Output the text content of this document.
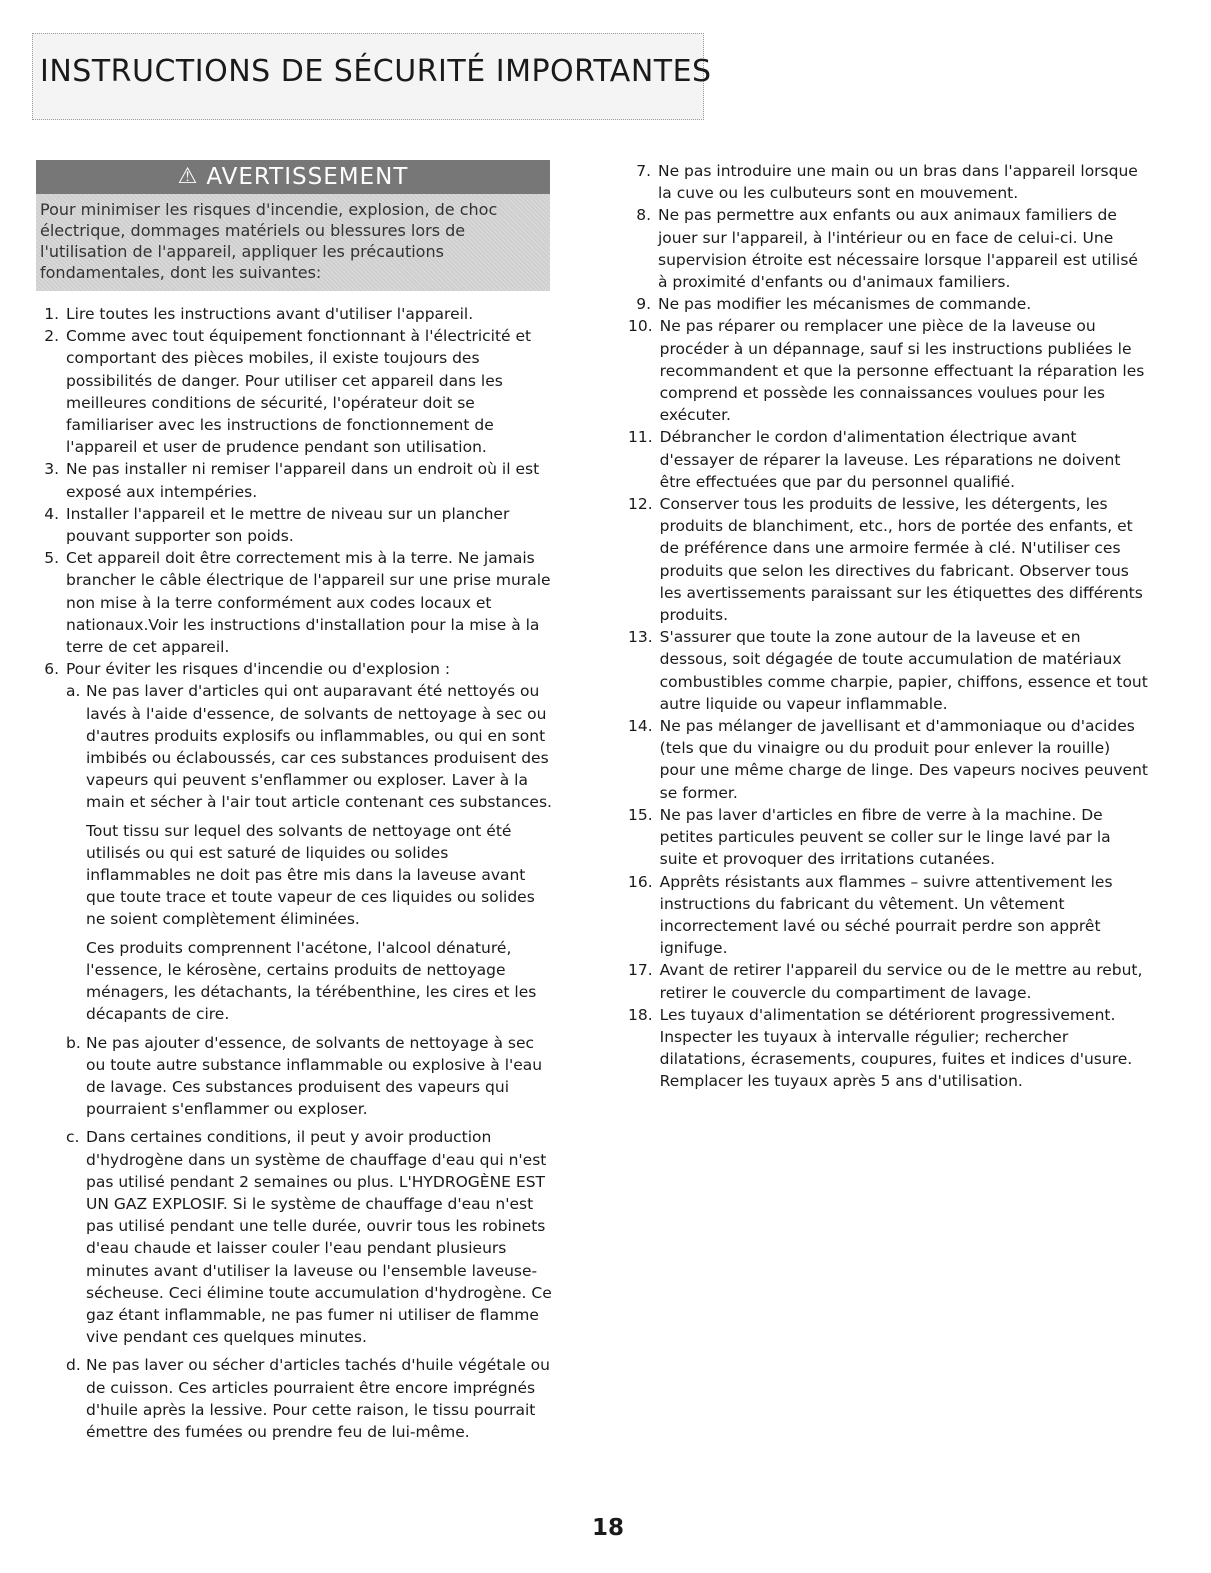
INSTRUCTIONS DE SÉCURITÉ IMPORTANTES
⚠ AVERTISSEMENT
Pour minimiser les risques d'incendie, explosion, de choc électrique, dommages matériels ou blessures lors de l'utilisation de l'appareil, appliquer les précautions fondamentales, dont les suivantes:
1. Lire toutes les instructions avant d'utiliser l'appareil.
2. Comme avec tout équipement fonctionnant à l'électricité et comportant des pièces mobiles, il existe toujours des possibilités de danger. Pour utiliser cet appareil dans les meilleures conditions de sécurité, l'opérateur doit se familiariser avec les instructions de fonctionnement de l'appareil et user de prudence pendant son utilisation.
3. Ne pas installer ni remiser l'appareil dans un endroit où il est exposé aux intempéries.
4. Installer l'appareil et le mettre de niveau sur un plancher pouvant supporter son poids.
5. Cet appareil doit être correctement mis à la terre. Ne jamais brancher le câble électrique de l'appareil sur une prise murale non mise à la terre conformément aux codes locaux et nationaux.Voir les instructions d'installation pour la mise à la terre de cet appareil.
6. Pour éviter les risques d'incendie ou d'explosion :
a. Ne pas laver d'articles qui ont auparavant été nettoyés ou lavés à l'aide d'essence, de solvants de nettoyage à sec ou d'autres produits explosifs ou inflammables, ou qui en sont imbibés ou éclaboussés, car ces substances produisent des vapeurs qui peuvent s'enflammer ou exploser. Laver à la main et sécher à l'air tout article contenant ces substances.
Tout tissu sur lequel des solvants de nettoyage ont été utilisés ou qui est saturé de liquides ou solides inflammables ne doit pas être mis dans la laveuse avant que toute trace et toute vapeur de ces liquides ou solides ne soient complètement éliminées.
Ces produits comprennent l'acétone, l'alcool dénaturé, l'essence, le kérosène, certains produits de nettoyage ménagers, les détachants, la térébenthine, les cires et les décapants de cire.
b. Ne pas ajouter d'essence, de solvants de nettoyage à sec ou toute autre substance inflammable ou explosive à l'eau de lavage. Ces substances produisent des vapeurs qui pourraient s'enflammer ou exploser.
c. Dans certaines conditions, il peut y avoir production d'hydrogène dans un système de chauffage d'eau qui n'est pas utilisé pendant 2 semaines ou plus. L'HYDROGÈNE EST UN GAZ EXPLOSIF. Si le système de chauffage d'eau n'est pas utilisé pendant une telle durée, ouvrir tous les robinets d'eau chaude et laisser couler l'eau pendant plusieurs minutes avant d'utiliser la laveuse ou l'ensemble laveuse-sécheuse. Ceci élimine toute accumulation d'hydrogène. Ce gaz étant inflammable, ne pas fumer ni utiliser de flamme vive pendant ces quelques minutes.
d. Ne pas laver ou sécher d'articles tachés d'huile végétale ou de cuisson. Ces articles pourraient être encore imprégnés d'huile après la lessive. Pour cette raison, le tissu pourrait émettre des fumées ou prendre feu de lui-même.
7. Ne pas introduire une main ou un bras dans l'appareil lorsque la cuve ou les culbuteurs sont en mouvement.
8. Ne pas permettre aux enfants ou aux animaux familiers de jouer sur l'appareil, à l'intérieur ou en face de celui-ci. Une supervision étroite est nécessaire lorsque l'appareil est utilisé à proximité d'enfants ou d'animaux familiers.
9. Ne pas modifier les mécanismes de commande.
10. Ne pas réparer ou remplacer une pièce de la laveuse ou procéder à un dépannage, sauf si les instructions publiées le recommandent et que la personne effectuant la réparation les comprend et possède les connaissances voulues pour les exécuter.
11. Débrancher le cordon d'alimentation électrique avant d'essayer de réparer la laveuse. Les réparations ne doivent être effectuées que par du personnel qualifié.
12. Conserver tous les produits de lessive, les détergents, les produits de blanchiment, etc., hors de portée des enfants, et de préférence dans une armoire fermée à clé. N'utiliser ces produits que selon les directives du fabricant. Observer tous les avertissements paraissant sur les étiquettes des différents produits.
13. S'assurer que toute la zone autour de la laveuse et en dessous, soit dégagée de toute accumulation de matériaux combustibles comme charpie, papier, chiffons, essence et tout autre liquide ou vapeur inflammable.
14. Ne pas mélanger de javellisant et d'ammoniaque ou d'acides (tels que du vinaigre ou du produit pour enlever la rouille) pour une même charge de linge. Des vapeurs nocives peuvent se former.
15. Ne pas laver d'articles en fibre de verre à la machine. De petites particules peuvent se coller sur le linge lavé par la suite et provoquer des irritations cutanées.
16. Apprêts résistants aux flammes – suivre attentivement les instructions du fabricant du vêtement. Un vêtement incorrectement lavé ou séché pourrait perdre son apprêt ignifuge.
17. Avant de retirer l'appareil du service ou de le mettre au rebut, retirer le couvercle du compartiment de lavage.
18. Les tuyaux d'alimentation se détériorent progressivement. Inspecter les tuyaux à intervalle régulier; rechercher dilatations, écrasements, coupures, fuites et indices d'usure. Remplacer les tuyaux après 5 ans d'utilisation.
18
